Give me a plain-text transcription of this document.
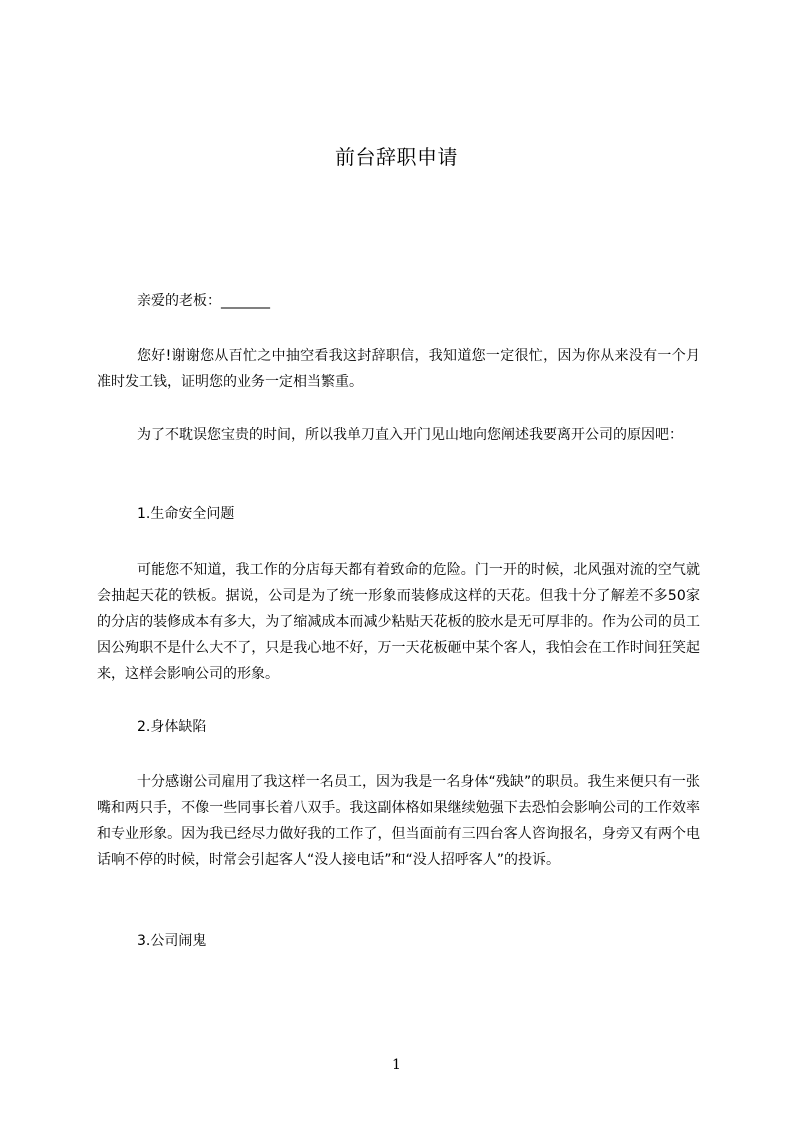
前台辞职申请

亲爱的老板：_______

您好!谢谢您从百忙之中抽空看我这封辞职信，我知道您一定很忙，因为你从来没有一个月准时发工钱，证明您的业务一定相当繁重。

为了不耽误您宝贵的时间，所以我单刀直入开门见山地向您阐述我要离开公司的原因吧：

1.生命安全问题

可能您不知道，我工作的分店每天都有着致命的危险。门一开的时候，北风强对流的空气就会抽起天花的铁板。据说，公司是为了统一形象而装修成这样的天花。但我十分了解差不多50家的分店的装修成本有多大，为了缩减成本而减少粘贴天花板的胶水是无可厚非的。作为公司的员工因公殉职不是什么大不了，只是我心地不好，万一天花板砸中某个客人，我怕会在工作时间狂笑起来，这样会影响公司的形象。

2.身体缺陷

十分感谢公司雇用了我这样一名员工，因为我是一名身体“残缺”的职员。我生来便只有一张嘴和两只手，不像一些同事长着八双手。我这副体格如果继续勉强下去恐怕会影响公司的工作效率和专业形象。因为我已经尽力做好我的工作了，但当面前有三四台客人咨询报名，身旁又有两个电话响不停的时候，时常会引起客人“没人接电话”和“没人招呼客人”的投诉。

3.公司闹鬼

1
